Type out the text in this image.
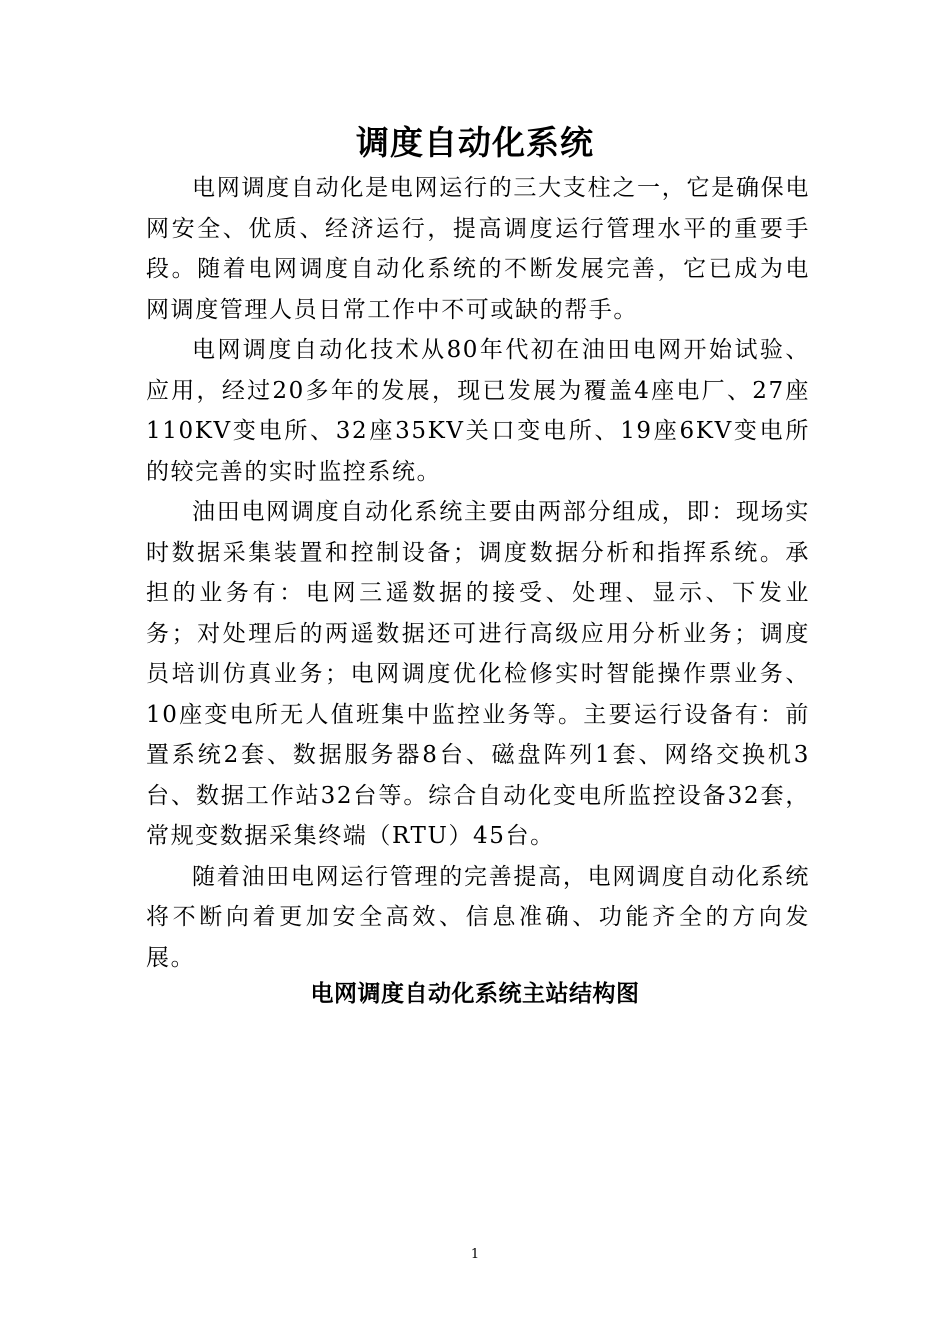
调度自动化系统

电网调度自动化是电网运行的三大支柱之一，它是确保电网安全、优质、经济运行，提高调度运行管理水平的重要手段。随着电网调度自动化系统的不断发展完善，它已成为电网调度管理人员日常工作中不可或缺的帮手。

电网调度自动化技术从80年代初在油田电网开始试验、应用，经过20多年的发展，现已发展为覆盖4座电厂、27座110KV变电所、32座35KV关口变电所、19座6KV变电所的较完善的实时监控系统。

油田电网调度自动化系统主要由两部分组成，即：现场实时数据采集装置和控制设备；调度数据分析和指挥系统。承担的业务有：电网三遥数据的接受、处理、显示、下发业务；对处理后的两遥数据还可进行高级应用分析业务；调度员培训仿真业务；电网调度优化检修实时智能操作票业务、10座变电所无人值班集中监控业务等。主要运行设备有：前置系统2套、数据服务器8台、磁盘阵列1套、网络交换机3台、数据工作站32台等。综合自动化变电所监控设备32套，常规变数据采集终端（RTU）45台。

随着油田电网运行管理的完善提高，电网调度自动化系统将不断向着更加安全高效、信息准确、功能齐全的方向发展。

电网调度自动化系统主站结构图
1
